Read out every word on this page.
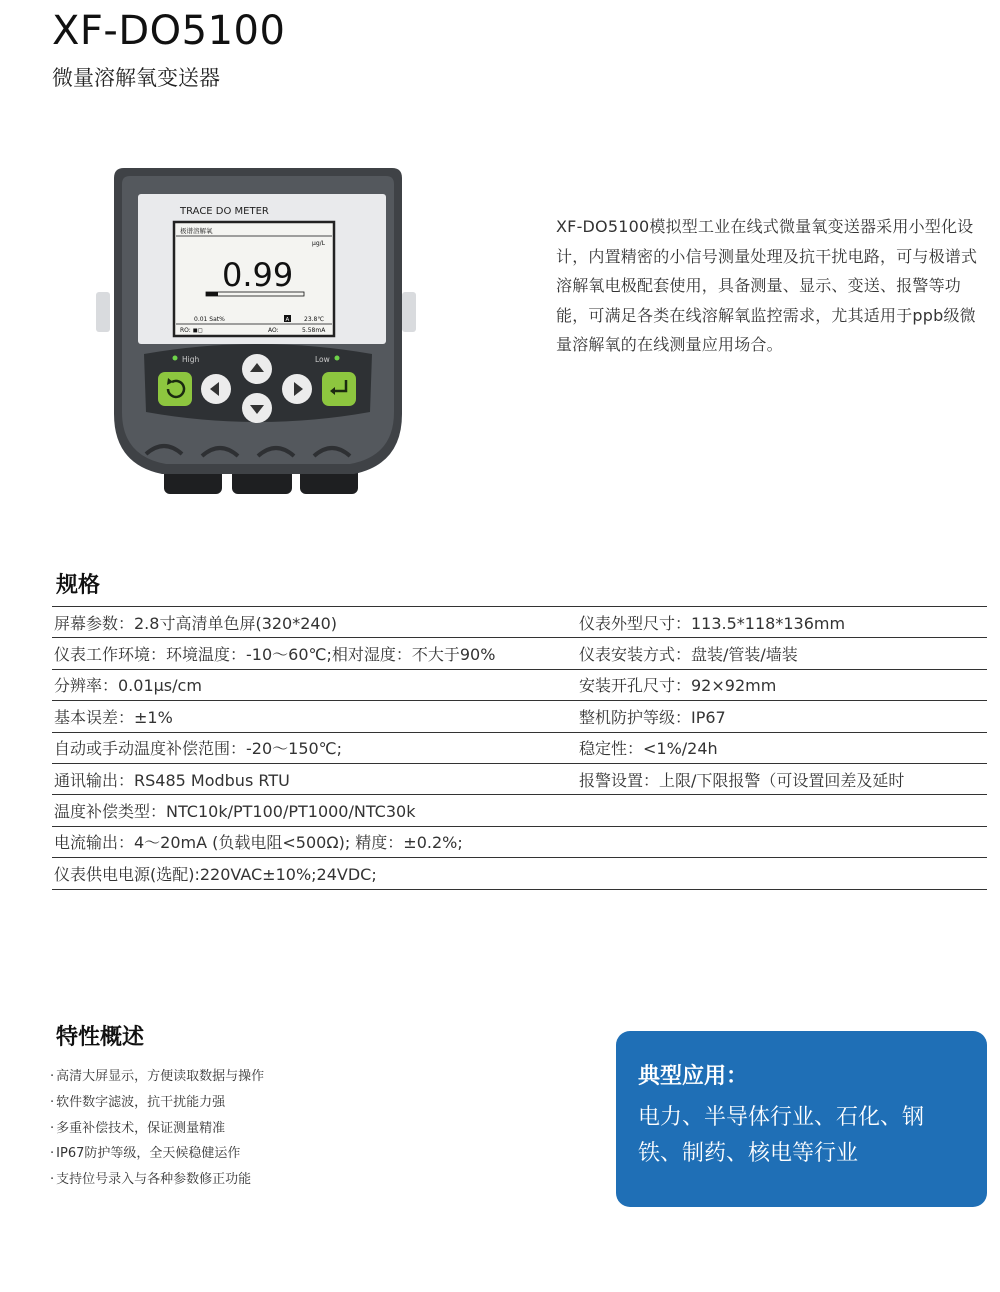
XF-DO5100
微量溶解氧变送器
TRACE DO METER
极谱溶解氧
μg/L
0.99
0.01 Sat%	A 23.8℃
RO: ◼◻	AO:	5.58mA
High	Low
XF-DO5100模拟型工业在线式微量氧变送器采用小型化设计，内置精密的小信号测量处理及抗干扰电路，可与极谱式溶解氧电极配套使用，具备测量、显示、变送、报警等功能，可满足各类在线溶解氧监控需求，尤其适用于ppb级微量溶解氧的在线测量应用场合。
规格
屏幕参数：2.8寸高清单色屏(320*240)	仪表外型尺寸：113.5*118*136mm
仪表工作环境：环境温度：-10～60℃;相对湿度：不大于90%	仪表安装方式：盘装/管装/墙装
分辨率：0.01μs/cm	安装开孔尺寸：92×92mm
基本误差：±1%	整机防护等级：IP67
自动或手动温度补偿范围：-20～150℃;	稳定性：<1%/24h
通讯输出：RS485 Modbus RTU	报警设置：上限/下限报警（可设置回差及延时
温度补偿类型：NTC10k/PT100/PT1000/NTC30k
电流输出：4～20mA (负载电阻<500Ω); 精度：±0.2%;
仪表供电电源(选配):220VAC±10%;24VDC;
特性概述
· 高清大屏显示，方便读取数据与操作
· 软件数字滤波，抗干扰能力强
· 多重补偿技术，保证测量精准
· IP67防护等级，全天候稳健运作
· 支持位号录入与各种参数修正功能
典型应用：
电力、半导体行业、石化、钢
铁、制药、核电等行业
